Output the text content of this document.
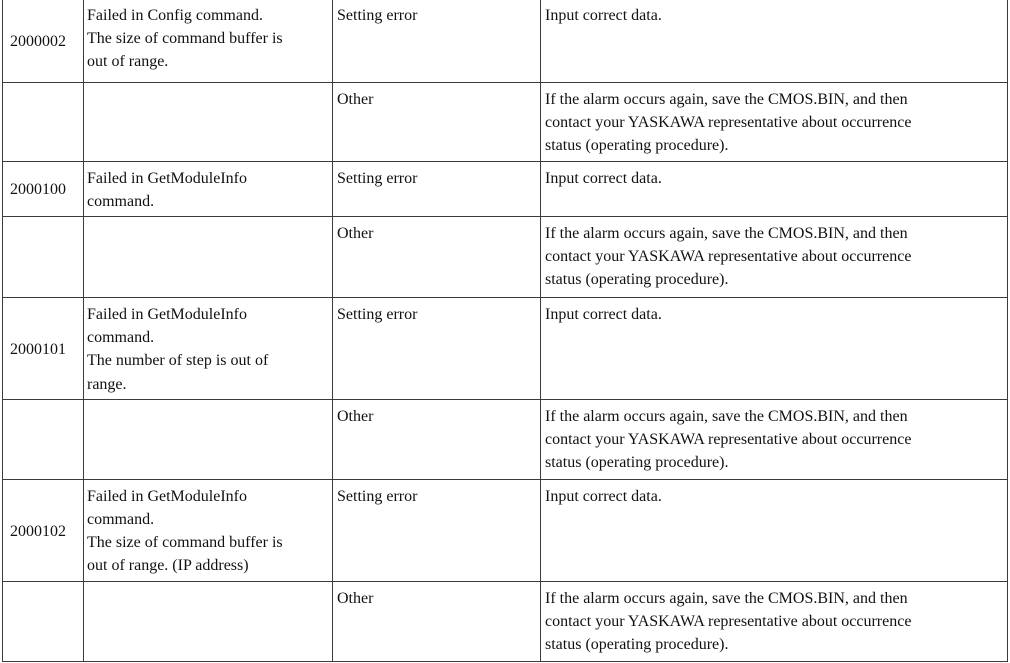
2000002	Failed in Config command.
The size of command buffer is
out of range.	Setting error	Input correct data.

		Other	If the alarm occurs again, save the CMOS.BIN, and then
contact your YASKAWA representative about occurrence
status (operating procedure).

2000100	Failed in GetModuleInfo
command.	Setting error	Input correct data.

		Other	If the alarm occurs again, save the CMOS.BIN, and then
contact your YASKAWA representative about occurrence
status (operating procedure).

2000101	Failed in GetModuleInfo
command.
The number of step is out of
range.	Setting error	Input correct data.

		Other	If the alarm occurs again, save the CMOS.BIN, and then
contact your YASKAWA representative about occurrence
status (operating procedure).

2000102	Failed in GetModuleInfo
command.
The size of command buffer is
out of range. (IP address)	Setting error	Input correct data.

		Other	If the alarm occurs again, save the CMOS.BIN, and then
contact your YASKAWA representative about occurrence
status (operating procedure).
